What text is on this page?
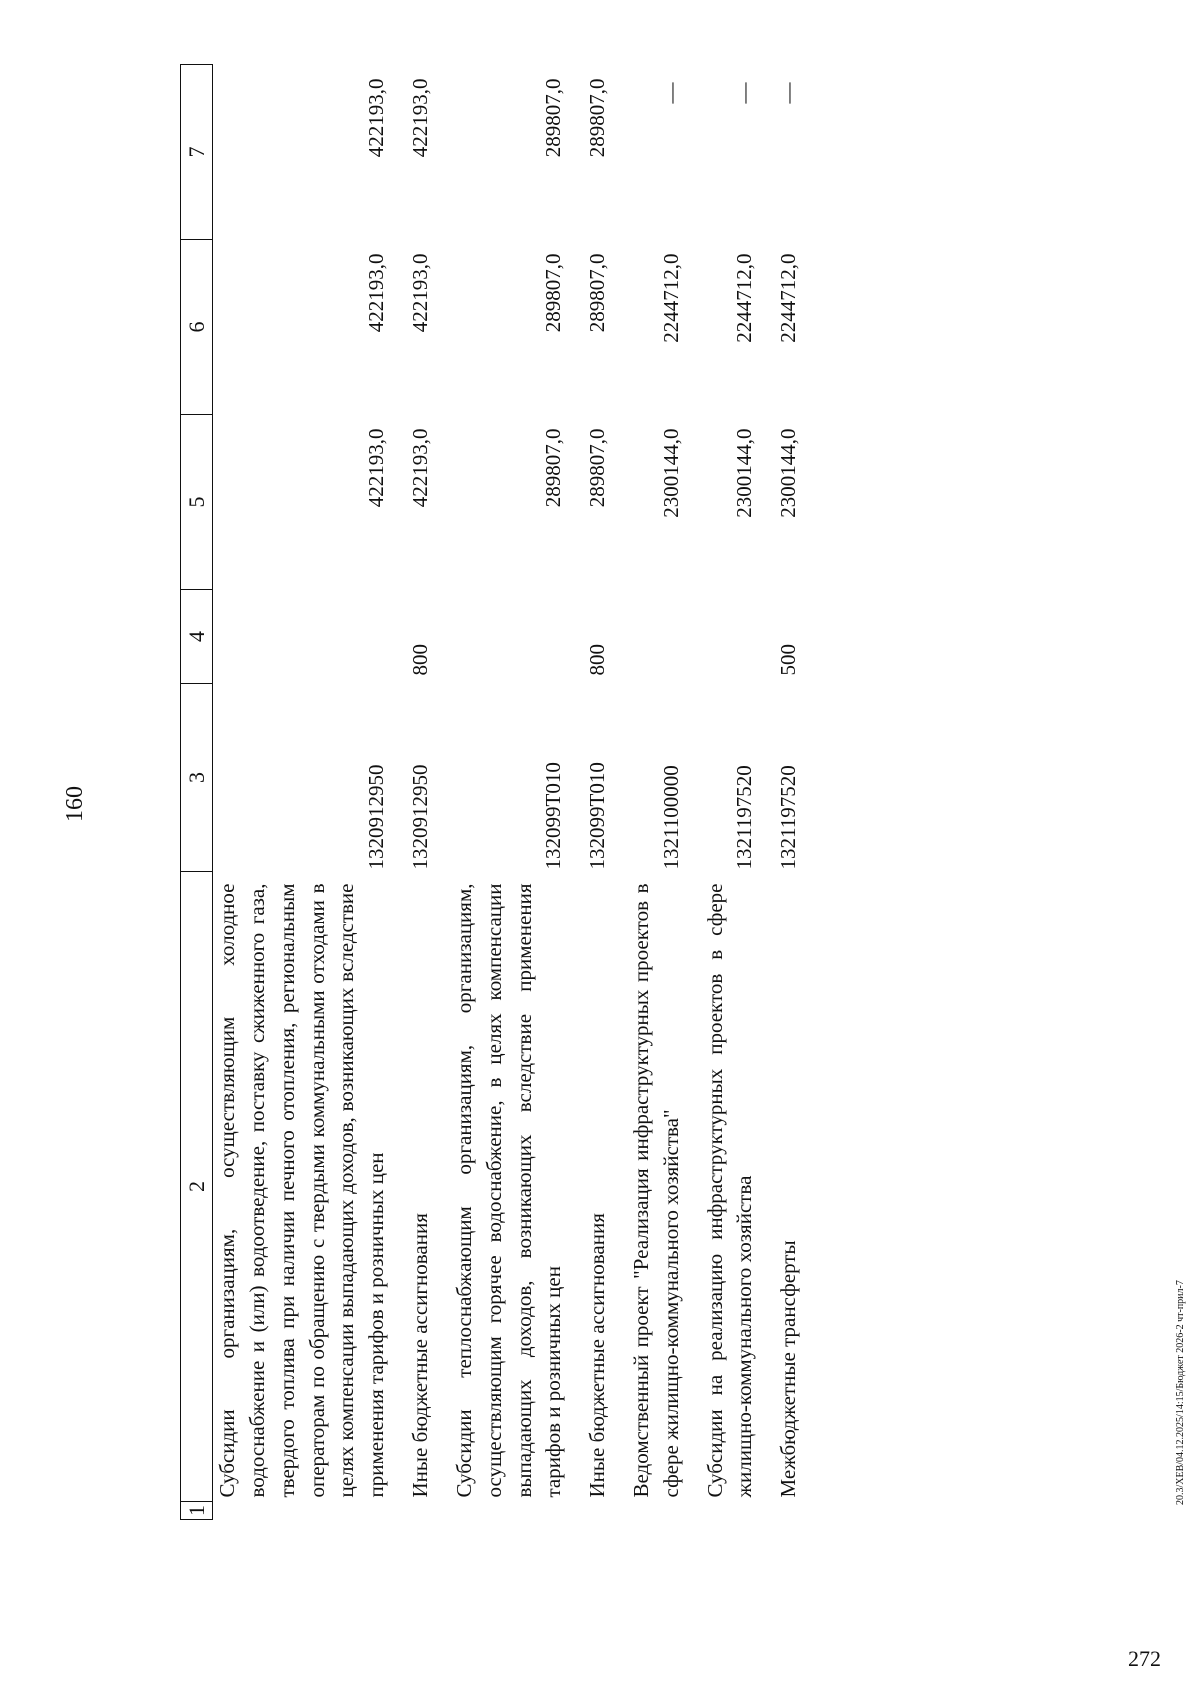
160
1	2	3	4	5	6	7
	Субсидии организациям, осуществляющим холодное водоснабжение и (или) водоотведение, поставку сжиженного газа, твердого топлива при наличии печного отопления, региональным операторам по обращению с твердыми коммунальными отходами в целях компенсации выпадающих доходов, возникающих вследствие применения тарифов и розничных цен	1320912950		422193,0	422193,0	422193,0

	Иные бюджетные ассигнования	1320912950	800	422193,0	422193,0	422193,0

	Субсидии теплоснабжающим организациям, организациям, осуществляющим горячее водоснабжение, в целях компенсации выпадающих доходов, возникающих вследствие применения тарифов и розничных цен	132099Т010		289807,0	289807,0	289807,0

	Иные бюджетные ассигнования	132099Т010	800	289807,0	289807,0	289807,0

	Ведомственный проект "Реализация инфраструктурных проектов в сфере жилищно-коммунального хозяйства"	1321100000		2300144,0	2244712,0	—

	Субсидии на реализацию инфраструктурных проектов в сфере жилищно-коммунального хозяйства	1321197520		2300144,0	2244712,0	—

	Межбюджетные трансферты	1321197520	500	2300144,0	2244712,0	—
20.3/ХЕВ/04.12.2025/14:15/Бюджет 2026-2 чт-прил-7
272
